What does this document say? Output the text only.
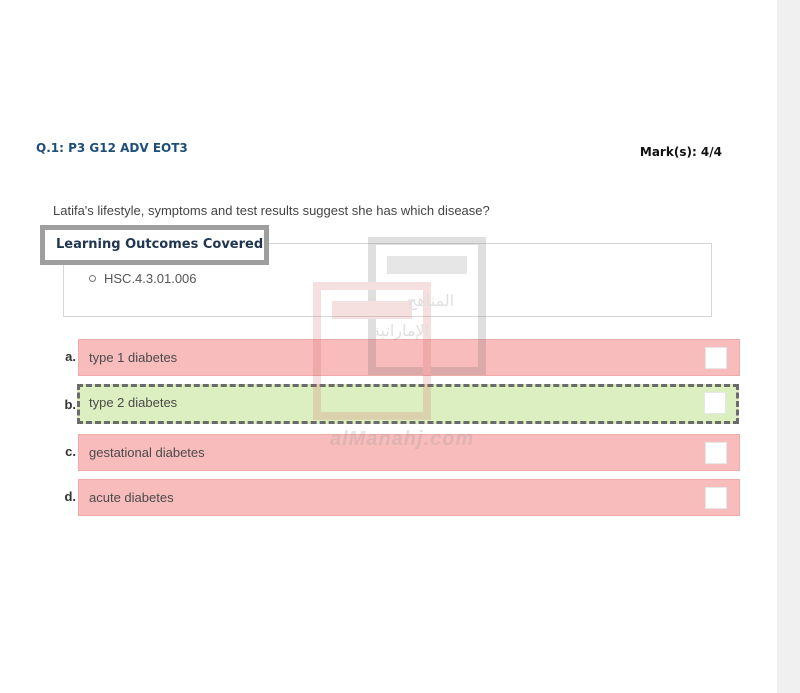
Q.1: P3 G12 ADV EOT3	Mark(s): 4/4
Latifa's lifestyle, symptoms and test results suggest she has which disease?
Learning Outcomes Covered
HSC.4.3.01.006
a. type 1 diabetes
b. type 2 diabetes
c. gestational diabetes
d. acute diabetes
الإماراتية
alManahj.com
